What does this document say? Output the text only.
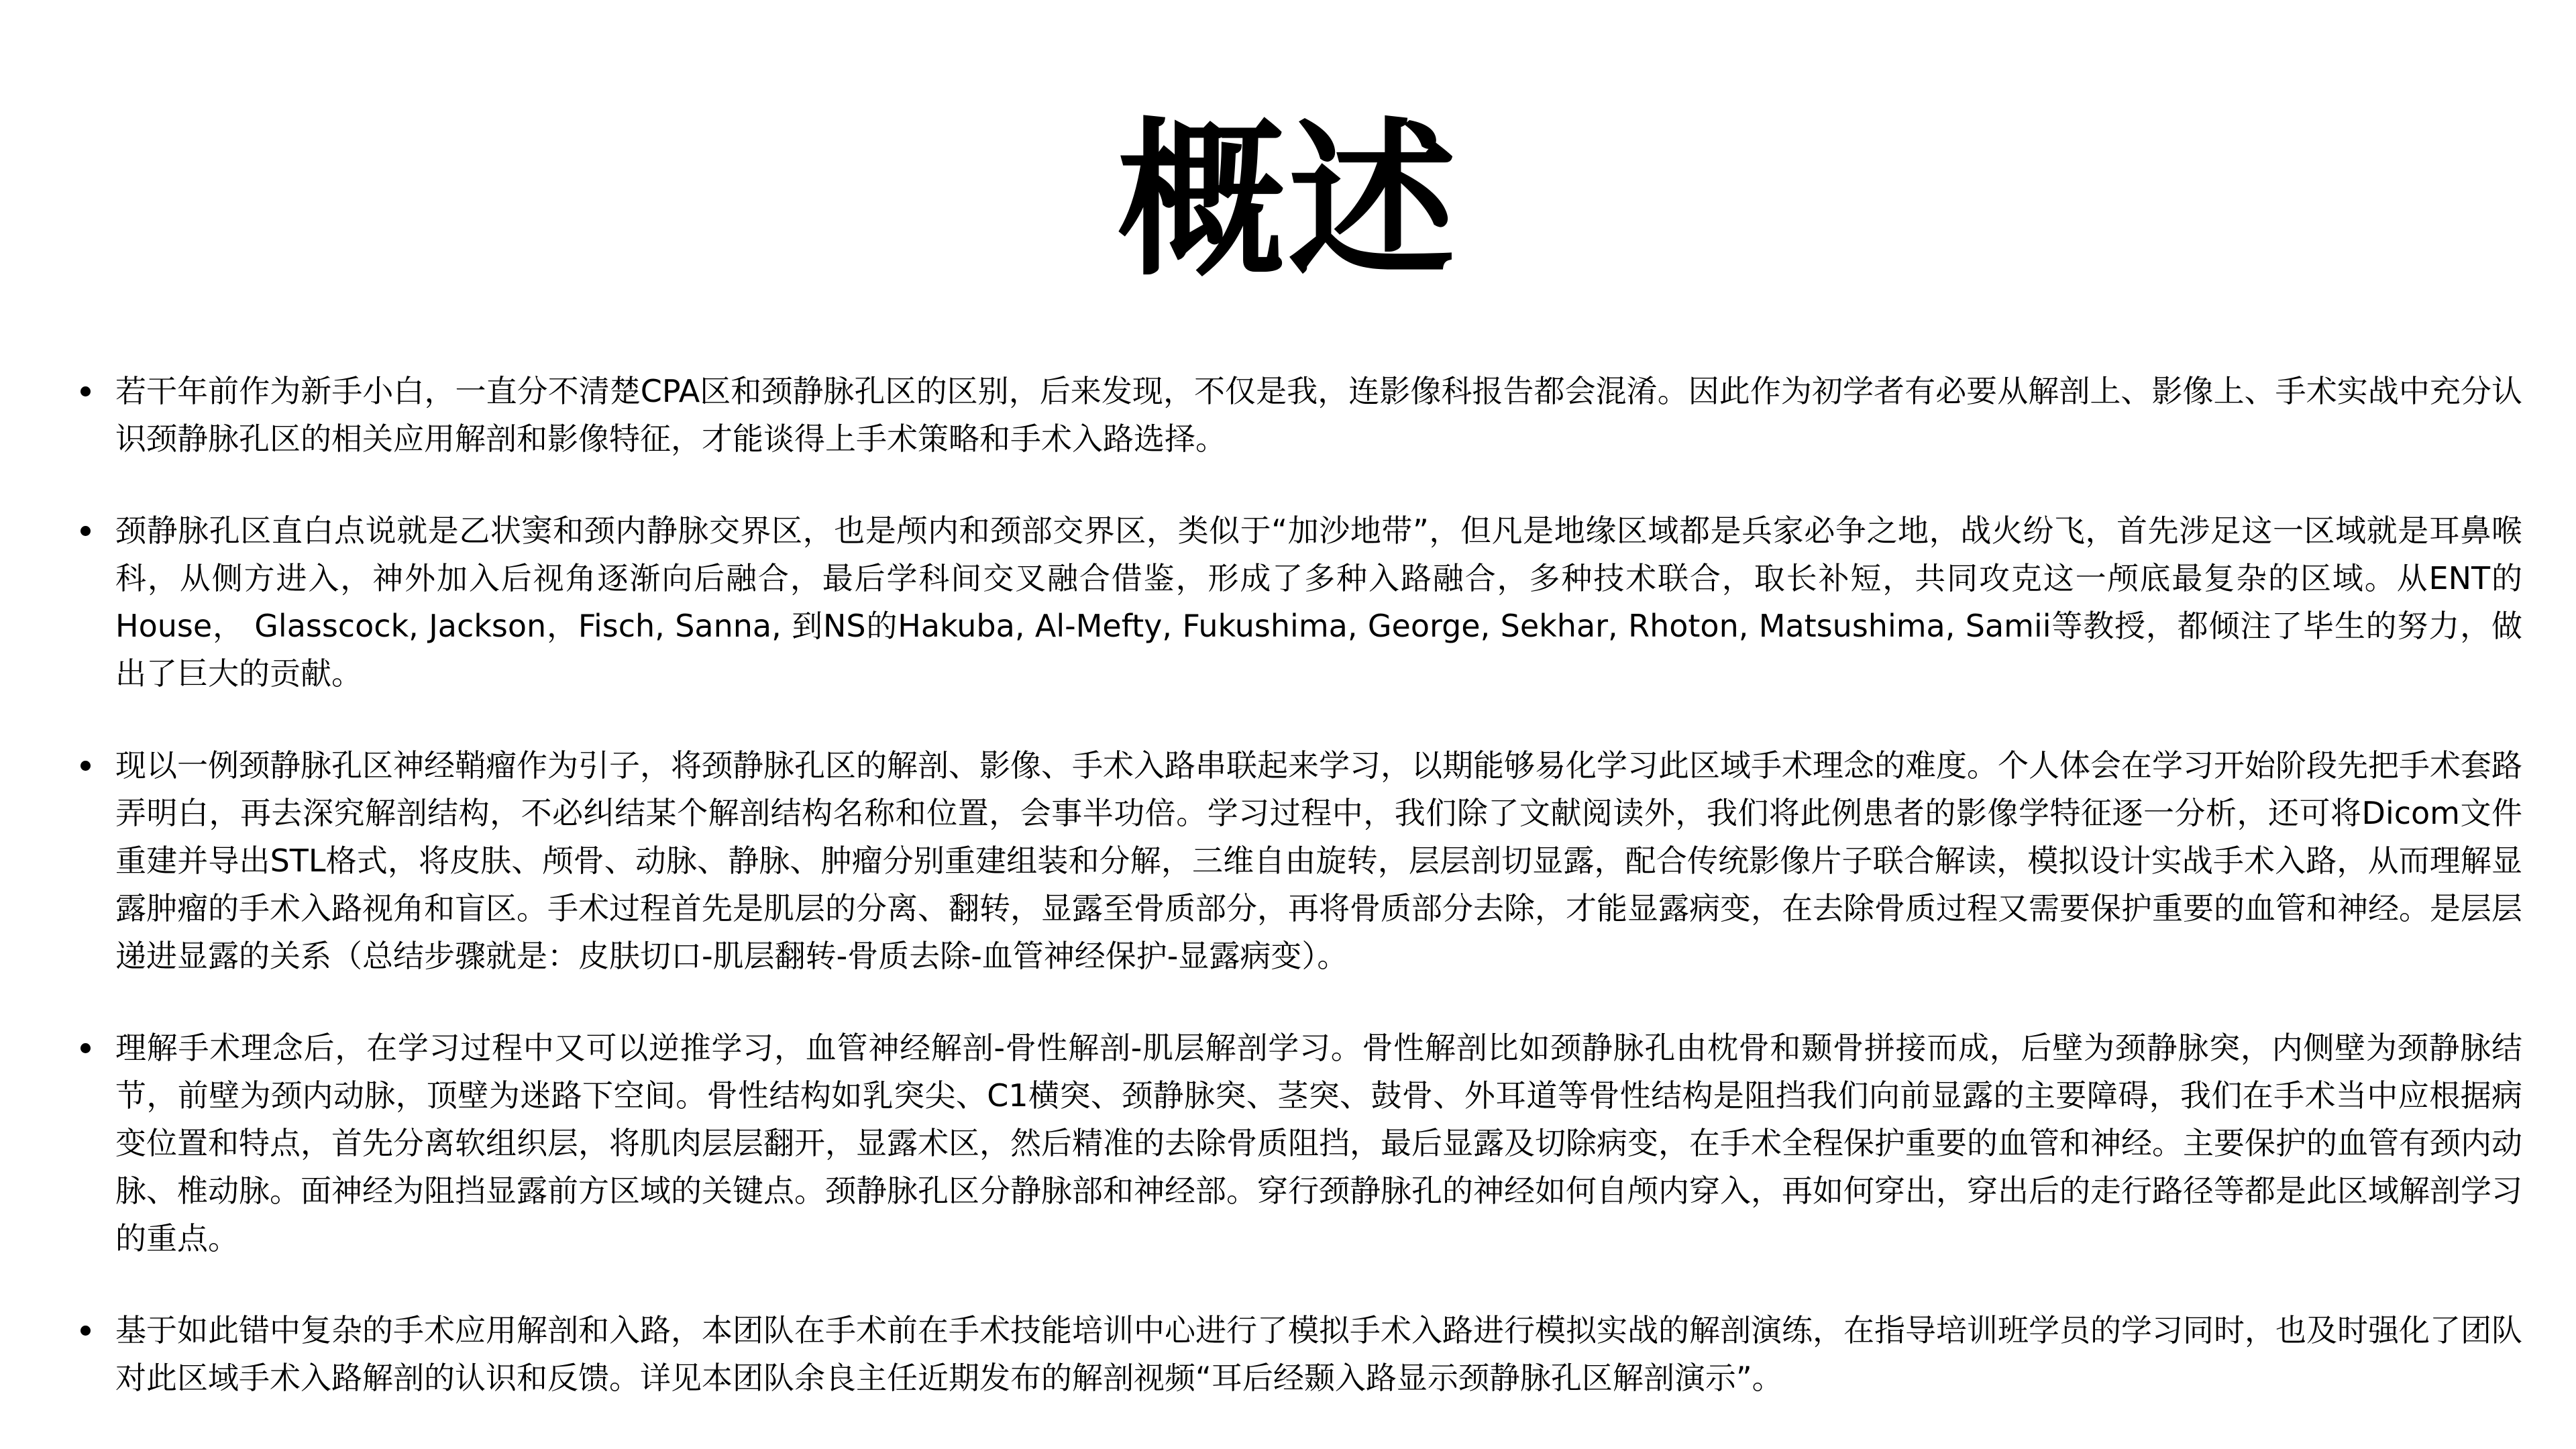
概述
若干年前作为新手小白，一直分不清楚CPA区和颈静脉孔区的区别，后来发现，不仅是我，连影像科报告都会混淆。因此作为初学者有必要从解剖上、影像上、手术实战中充分认识颈静脉孔区的相关应用解剖和影像特征，才能谈得上手术策略和手术入路选择。
颈静脉孔区直白点说就是乙状窦和颈内静脉交界区，也是颅内和颈部交界区，类似于“加沙地带”，但凡是地缘区域都是兵家必争之地，战火纷飞，首先涉足这一区域就是耳鼻喉科，从侧方进入，神外加入后视角逐渐向后融合，最后学科间交叉融合借鉴，形成了多种入路融合，多种技术联合，取长补短，共同攻克这一颅底最复杂的区域。从ENT的House， Glasscock, Jackson，Fisch, Sanna, 到NS的Hakuba, Al-Mefty, Fukushima, George, Sekhar, Rhoton, Matsushima, Samii等教授，都倾注了毕生的努力，做出了巨大的贡献。
现以一例颈静脉孔区神经鞘瘤作为引子，将颈静脉孔区的解剖、影像、手术入路串联起来学习，以期能够易化学习此区域手术理念的难度。个人体会在学习开始阶段先把手术套路弄明白，再去深究解剖结构，不必纠结某个解剖结构名称和位置，会事半功倍。学习过程中，我们除了文献阅读外，我们将此例患者的影像学特征逐一分析，还可将Dicom文件重建并导出STL格式，将皮肤、颅骨、动脉、静脉、肿瘤分别重建组装和分解，三维自由旋转，层层剖切显露，配合传统影像片子联合解读，模拟设计实战手术入路，从而理解显露肿瘤的手术入路视角和盲区。手术过程首先是肌层的分离、翻转，显露至骨质部分，再将骨质部分去除，才能显露病变，在去除骨质过程又需要保护重要的血管和神经。是层层递进显露的关系（总结步骤就是：皮肤切口-肌层翻转-骨质去除-血管神经保护-显露病变）。
理解手术理念后，在学习过程中又可以逆推学习，血管神经解剖-骨性解剖-肌层解剖学习。骨性解剖比如颈静脉孔由枕骨和颞骨拼接而成，后壁为颈静脉突，内侧壁为颈静脉结节，前壁为颈内动脉，顶壁为迷路下空间。骨性结构如乳突尖、C1横突、颈静脉突、茎突、鼓骨、外耳道等骨性结构是阻挡我们向前显露的主要障碍，我们在手术当中应根据病变位置和特点，首先分离软组织层，将肌肉层层翻开，显露术区，然后精准的去除骨质阻挡，最后显露及切除病变，在手术全程保护重要的血管和神经。主要保护的血管有颈内动脉、椎动脉。面神经为阻挡显露前方区域的关键点。颈静脉孔区分静脉部和神经部。穿行颈静脉孔的神经如何自颅内穿入，再如何穿出，穿出后的走行路径等都是此区域解剖学习的重点。
基于如此错中复杂的手术应用解剖和入路，本团队在手术前在手术技能培训中心进行了模拟手术入路进行模拟实战的解剖演练，在指导培训班学员的学习同时，也及时强化了团队对此区域手术入路解剖的认识和反馈。详见本团队余良主任近期发布的解剖视频“耳后经颞入路显示颈静脉孔区解剖演示”。
